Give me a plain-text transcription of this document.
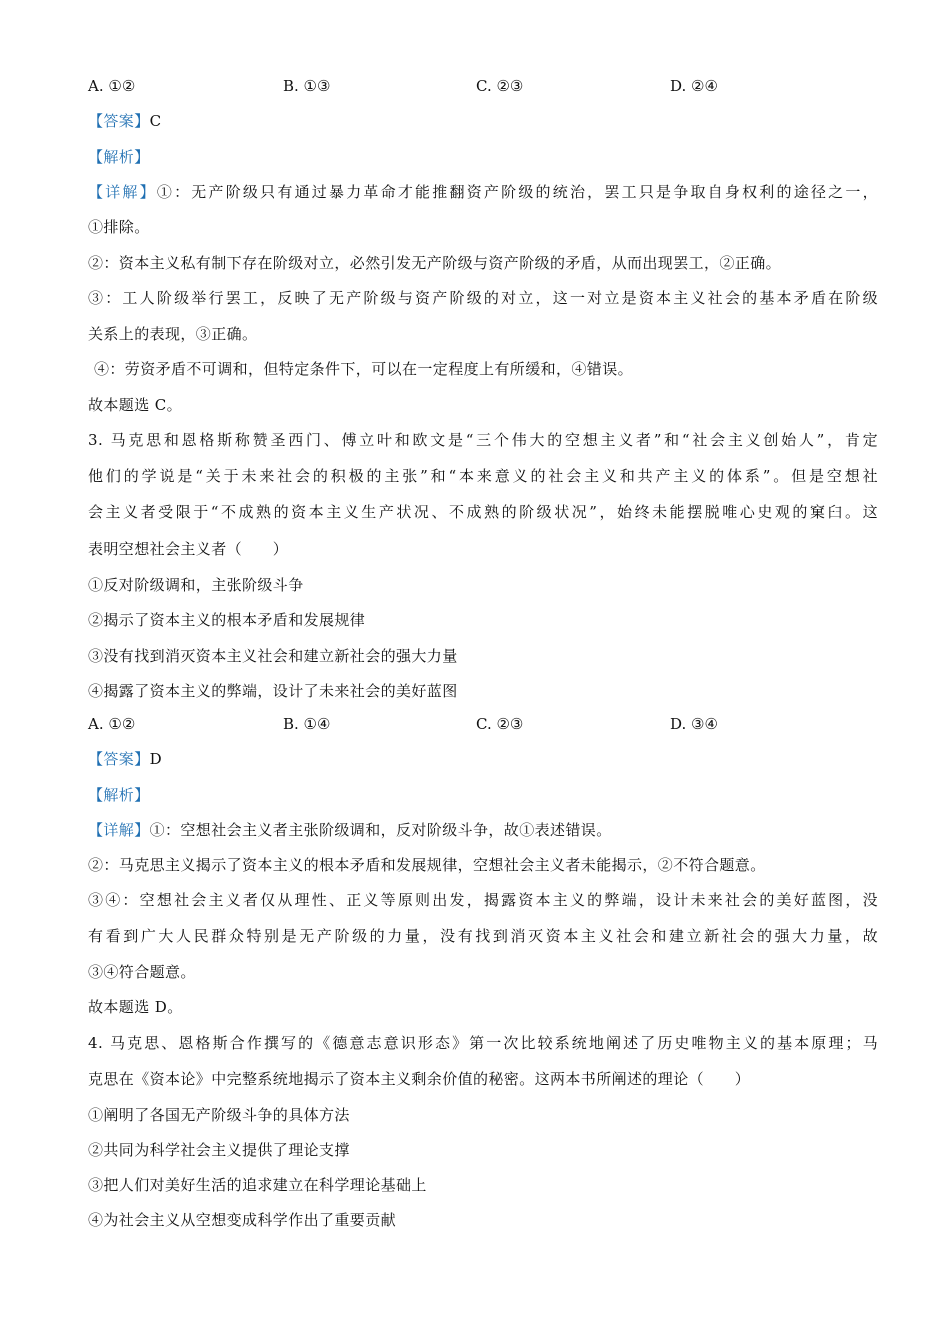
A. ①②	B. ①③	C. ②③	D. ②④
【答案】C
【解析】
【详解】①：无产阶级只有通过暴力革命才能推翻资产阶级的统治，罢工只是争取自身权利的途径之一，
①排除。
②：资本主义私有制下存在阶级对立，必然引发无产阶级与资产阶级的矛盾，从而出现罢工，②正确。
③：工人阶级举行罢工，反映了无产阶级与资产阶级的对立，这一对立是资本主义社会的基本矛盾在阶级
关系上的表现，③正确。
④：劳资矛盾不可调和，但特定条件下，可以在一定程度上有所缓和，④错误。
故本题选 C。
3. 马克思和恩格斯称赞圣西门、傅立叶和欧文是“三个伟大的空想主义者”和“社会主义创始人”，肯定
他们的学说是“关于未来社会的积极的主张”和“本来意义的社会主义和共产主义的体系”。但是空想社
会主义者受限于“不成熟的资本主义生产状况、不成熟的阶级状况”，始终未能摆脱唯心史观的窠臼。这
表明空想社会主义者（　　）
①反对阶级调和，主张阶级斗争
②揭示了资本主义的根本矛盾和发展规律
③没有找到消灭资本主义社会和建立新社会的强大力量
④揭露了资本主义的弊端，设计了未来社会的美好蓝图
A. ①②	B. ①④	C. ②③	D. ③④
【答案】D
【解析】
【详解】①：空想社会主义者主张阶级调和，反对阶级斗争，故①表述错误。
②：马克思主义揭示了资本主义的根本矛盾和发展规律，空想社会主义者未能揭示，②不符合题意。
③④：空想社会主义者仅从理性、正义等原则出发，揭露资本主义的弊端，设计未来社会的美好蓝图，没
有看到广大人民群众特别是无产阶级的力量，没有找到消灭资本主义社会和建立新社会的强大力量，故
③④符合题意。
故本题选 D。
4. 马克思、恩格斯合作撰写的《德意志意识形态》第一次比较系统地阐述了历史唯物主义的基本原理；马
克思在《资本论》中完整系统地揭示了资本主义剩余价值的秘密。这两本书所阐述的理论（　　）
①阐明了各国无产阶级斗争的具体方法
②共同为科学社会主义提供了理论支撑
③把人们对美好生活的追求建立在科学理论基础上
④为社会主义从空想变成科学作出了重要贡献
